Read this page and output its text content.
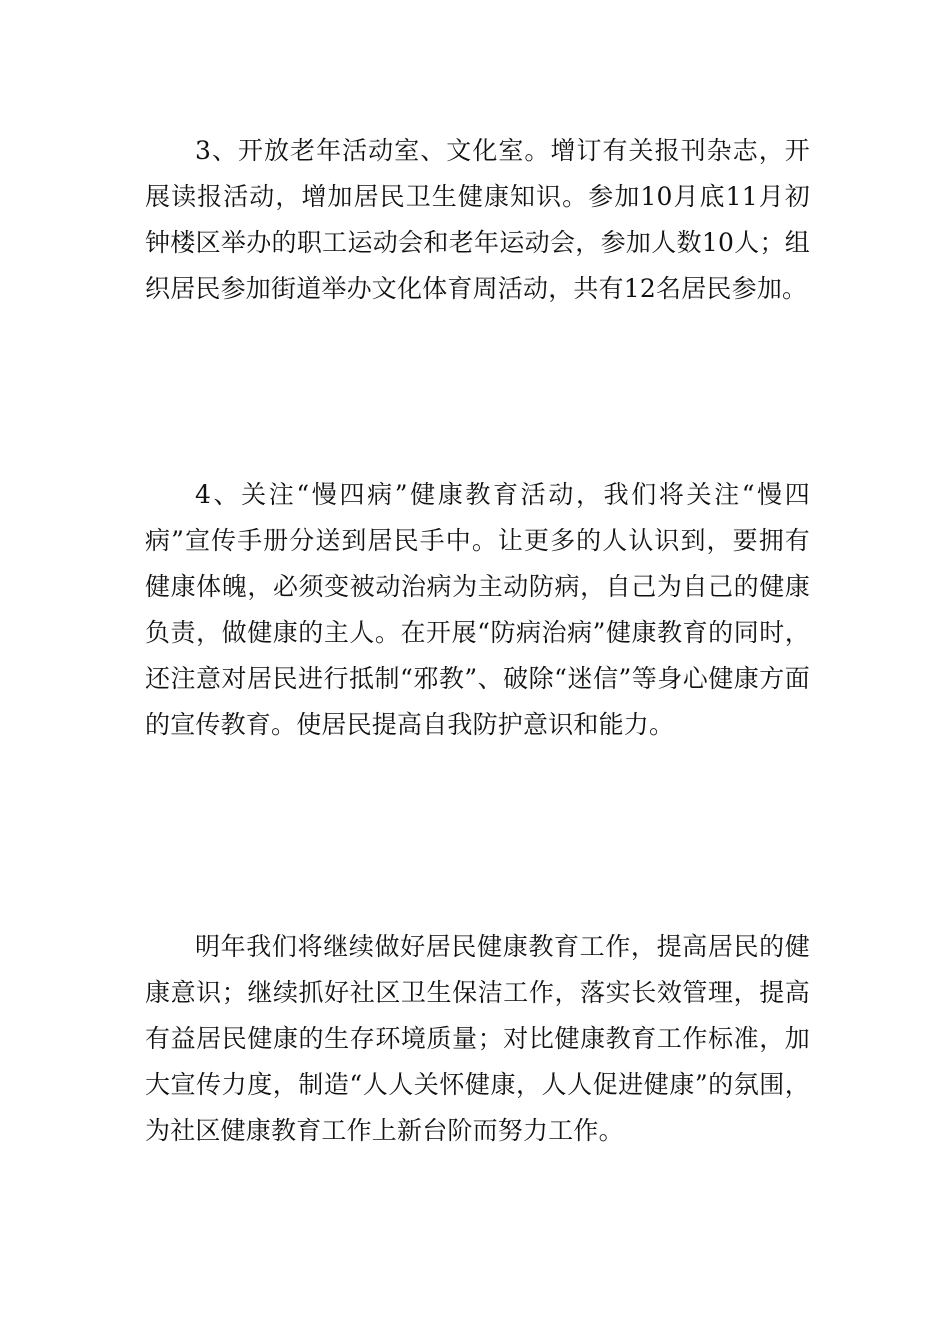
3、开放老年活动室、文化室。增订有关报刊杂志，开展读报活动，增加居民卫生健康知识。参加10月底11月初钟楼区举办的职工运动会和老年运动会，参加人数10人；组织居民参加街道举办文化体育周活动，共有12名居民参加。

4、关注“慢四病”健康教育活动，我们将关注“慢四病”宣传手册分送到居民手中。让更多的人认识到，要拥有健康体魄，必须变被动治病为主动防病，自己为自己的健康负责，做健康的主人。在开展“防病治病”健康教育的同时，还注意对居民进行抵制“邪教”、破除“迷信”等身心健康方面的宣传教育。使居民提高自我防护意识和能力。

明年我们将继续做好居民健康教育工作，提高居民的健康意识；继续抓好社区卫生保洁工作，落实长效管理，提高有益居民健康的生存环境质量；对比健康教育工作标准，加大宣传力度，制造“人人关怀健康，人人促进健康”的氛围，为社区健康教育工作上新台阶而努力工作。
